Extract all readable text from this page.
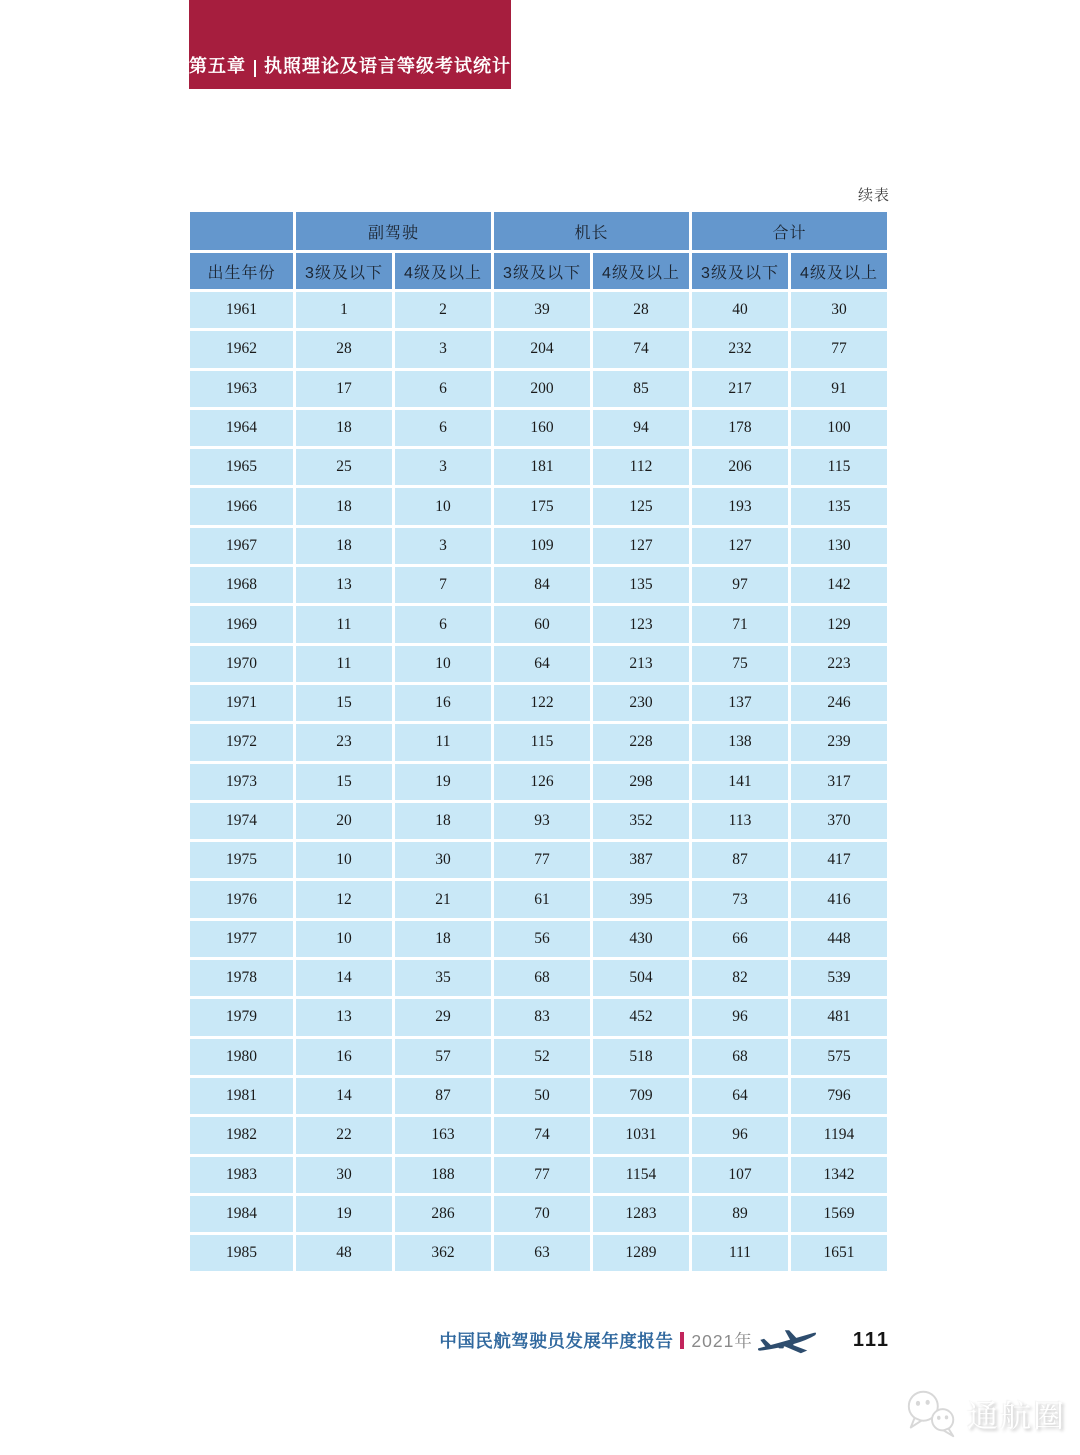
第五章 执照理论及语言等级考试统计
续表
	副驾驶		机长		合计	
出生年份	3级及以下	4级及以上	3级及以下	4级及以上	3级及以下	4级及以上
1961	1	2	39	28	40	30
1962	28	3	204	74	232	77
1963	17	6	200	85	217	91
1964	18	6	160	94	178	100
1965	25	3	181	112	206	115
1966	18	10	175	125	193	135
1967	18	3	109	127	127	130
1968	13	7	84	135	97	142
1969	11	6	60	123	71	129
1970	11	10	64	213	75	223
1971	15	16	122	230	137	246
1972	23	11	115	228	138	239
1973	15	19	126	298	141	317
1974	20	18	93	352	113	370
1975	10	30	77	387	87	417
1976	12	21	61	395	73	416
1977	10	18	56	430	66	448
1978	14	35	68	504	82	539
1979	13	29	83	452	96	481
1980	16	57	52	518	68	575
1981	14	87	50	709	64	796
1982	22	163	74	1031	96	1194
1983	30	188	77	1154	107	1342
1984	19	286	70	1283	89	1569
1985	48	362	63	1289	111	1651
中国民航驾驶员发展年度报告 2021年	111
通航圈
